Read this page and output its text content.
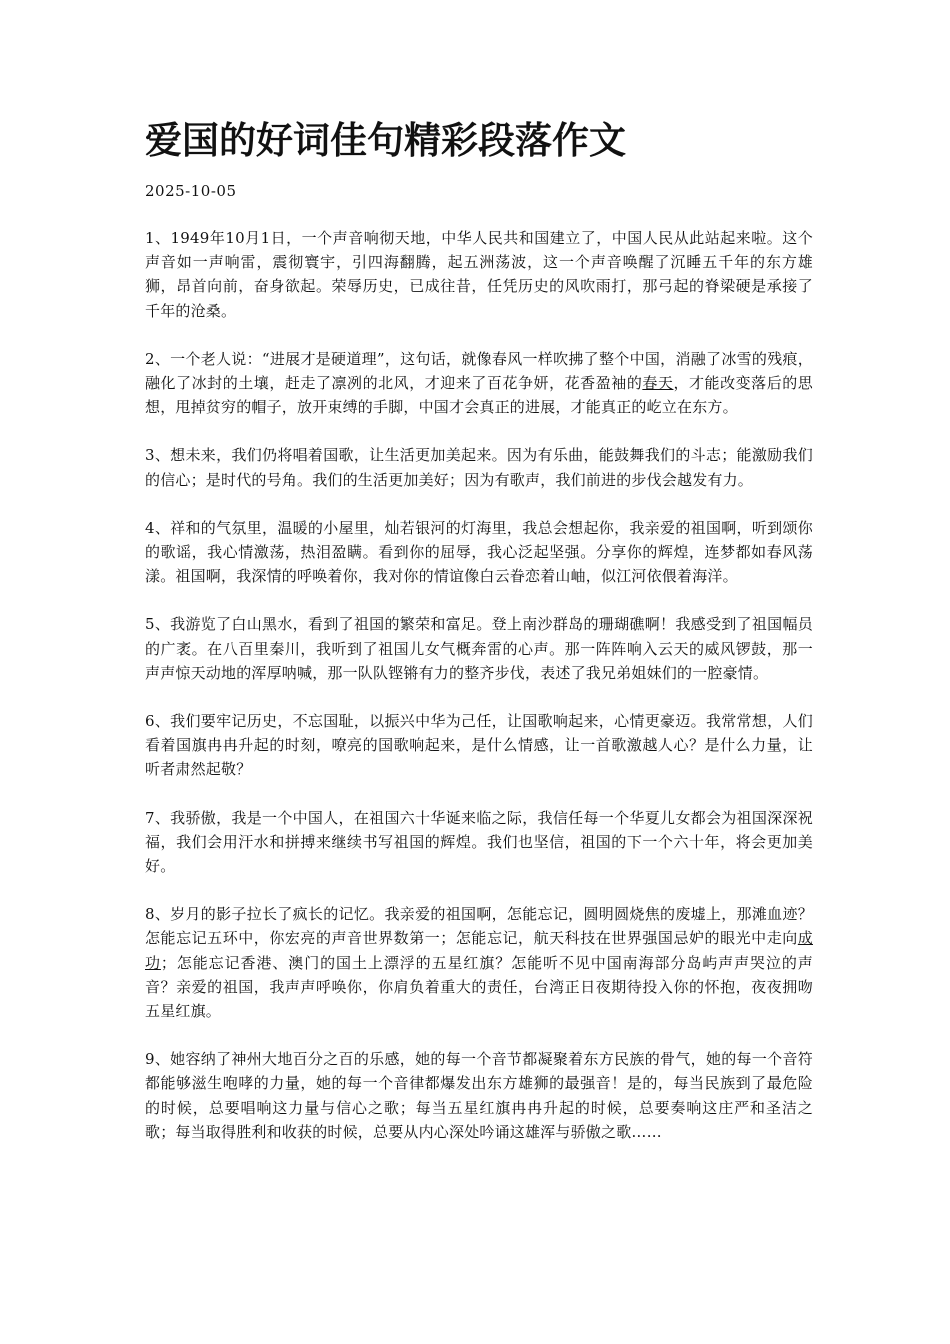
爱国的好词佳句精彩段落作文
2025-10-05

1、1949年10月1日，一个声音响彻天地，中华人民共和国建立了，中国人民从此站起来啦。这个声音如一声响雷，震彻寰宇，引四海翻腾，起五洲荡波，这一个声音唤醒了沉睡五千年的东方雄狮，昂首向前，奋身欲起。荣辱历史，已成往昔，任凭历史的风吹雨打，那弓起的脊梁硬是承接了千年的沧桑。

2、一个老人说：“进展才是硬道理”，这句话，就像春风一样吹拂了整个中国，消融了冰雪的残痕，融化了冰封的土壤，赶走了凛冽的北风，才迎来了百花争妍，花香盈袖的春天，才能改变落后的思想，甩掉贫穷的帽子，放开束缚的手脚，中国才会真正的进展，才能真正的屹立在东方。

3、想未来，我们仍将唱着国歌，让生活更加美起来。因为有乐曲，能鼓舞我们的斗志；能激励我们的信心；是时代的号角。我们的生活更加美好；因为有歌声，我们前进的步伐会越发有力。

4、祥和的气氛里，温暖的小屋里，灿若银河的灯海里，我总会想起你，我亲爱的祖国啊，听到颂你的歌谣，我心情激荡，热泪盈瞒。看到你的屈辱，我心泛起坚强。分享你的辉煌，连梦都如春风荡漾。祖国啊，我深情的呼唤着你，我对你的情谊像白云眷恋着山岫，似江河依偎着海洋。

5、我游览了白山黑水，看到了祖国的繁荣和富足。登上南沙群岛的珊瑚礁啊！我感受到了祖国幅员的广袤。在八百里秦川，我听到了祖国儿女气概奔雷的心声。那一阵阵响入云天的威风锣鼓，那一声声惊天动地的浑厚呐喊，那一队队铿锵有力的整齐步伐，表述了我兄弟姐妹们的一腔豪情。

6、我们要牢记历史，不忘国耻，以振兴中华为己任，让国歌响起来，心情更豪迈。我常常想，人们看着国旗冉冉升起的时刻，嘹亮的国歌响起来，是什么情感，让一首歌激越人心？是什么力量，让听者肃然起敬？

7、我骄傲，我是一个中国人，在祖国六十华诞来临之际，我信任每一个华夏儿女都会为祖国深深祝福，我们会用汗水和拼搏来继续书写祖国的辉煌。我们也坚信，祖国的下一个六十年，将会更加美好。

8、岁月的影子拉长了疯长的记忆。我亲爱的祖国啊，怎能忘记，圆明圆烧焦的废墟上，那滩血迹？怎能忘记五环中，你宏亮的声音世界数第一；怎能忘记，航天科技在世界强国忌妒的眼光中走向成功；怎能忘记香港、澳门的国土上漂浮的五星红旗？怎能听不见中国南海部分岛屿声声哭泣的声音？亲爱的祖国，我声声呼唤你，你肩负着重大的责任，台湾正日夜期待投入你的怀抱，夜夜拥吻五星红旗。

9、她容纳了神州大地百分之百的乐感，她的每一个音节都凝聚着东方民族的骨气，她的每一个音符都能够滋生咆哮的力量，她的每一个音律都爆发出东方雄狮的最强音！是的，每当民族到了最危险的时候，总要唱响这力量与信心之歌；每当五星红旗冉冉升起的时候，总要奏响这庄严和圣洁之歌；每当取得胜利和收获的时候，总要从内心深处吟诵这雄浑与骄傲之歌……
